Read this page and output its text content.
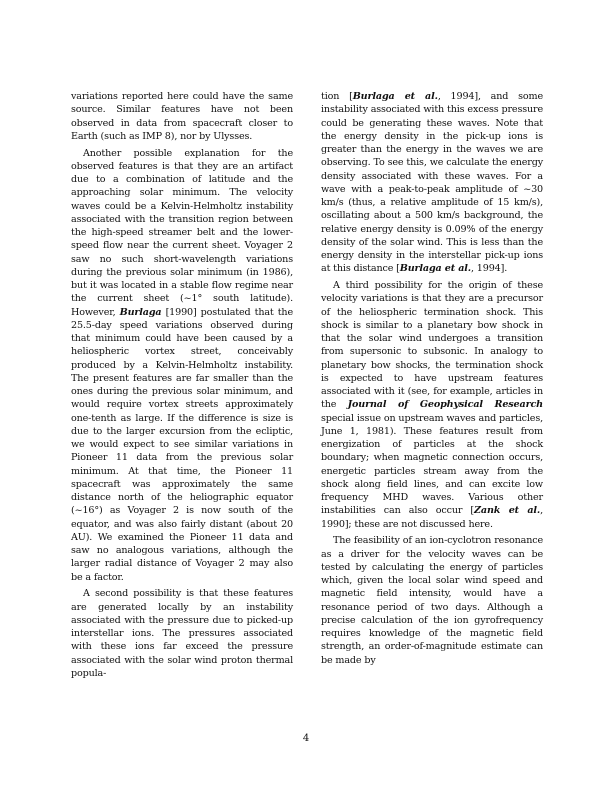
variations reported here could have the same source. Similar features have not been observed in data from spacecraft closer to Earth (such as IMP 8), nor by Ulysses.

Another possible explanation for the observed features is that they are an artifact due to a combination of latitude and the approaching solar minimum. The velocity waves could be a Kelvin-Helmholtz instability associated with the transition region between the high-speed streamer belt and the lower-speed flow near the current sheet. Voyager 2 saw no such short-wavelength variations during the previous solar minimum (in 1986), but it was located in a stable flow regime near the current sheet (~1° south latitude). However, Burlaga [1990] postulated that the 25.5-day speed variations observed during that minimum could have been caused by a heliospheric vortex street, conceivably produced by a Kelvin-Helmholtz instability. The present features are far smaller than the ones during the previous solar minimum, and would require vortex streets approximately one-tenth as large. If the difference is size is due to the larger excursion from the ecliptic, we would expect to see similar variations in Pioneer 11 data from the previous solar minimum. At that time, the Pioneer 11 spacecraft was approximately the same distance north of the heliographic equator (~16°) as Voyager 2 is now south of the equator, and was also fairly distant (about 20 AU). We examined the Pioneer 11 data and saw no analogous variations, although the larger radial distance of Voyager 2 may also be a factor.

A second possibility is that these features are generated locally by an instability associated with the pressure due to picked-up interstellar ions. The pressures associated with these ions far exceed the pressure associated with the solar wind proton thermal popula-

tion [Burlaga et al., 1994], and some instability associated with this excess pressure could be generating these waves. Note that the energy density in the pick-up ions is greater than the energy in the waves we are observing. To see this, we calculate the energy density associated with these waves. For a wave with a peak-to-peak amplitude of ~30 km/s (thus, a relative amplitude of 15 km/s), oscillating about a 500 km/s background, the relative energy density is 0.09% of the energy density of the solar wind. This is less than the energy density in the interstellar pick-up ions at this distance [Burlaga et al., 1994].

A third possibility for the origin of these velocity variations is that they are a precursor of the heliospheric termination shock. This shock is similar to a planetary bow shock in that the solar wind undergoes a transition from supersonic to subsonic. In analogy to planetary bow shocks, the termination shock is expected to have upstream features associated with it (see, for example, articles in the Journal of Geophysical Research special issue on upstream waves and particles, June 1, 1981). These features result from energization of particles at the shock boundary; when magnetic connection occurs, energetic particles stream away from the shock along field lines, and can excite low frequency MHD waves. Various other instabilities can also occur [Zank et al., 1990]; these are not discussed here.

The feasibility of an ion-cyclotron resonance as a driver for the velocity waves can be tested by calculating the energy of particles which, given the local solar wind speed and magnetic field intensity, would have a resonance period of two days. Although a precise calculation of the ion gyrofrequency requires knowledge of the magnetic field strength, an order-of-magnitude estimate can be made by

4
